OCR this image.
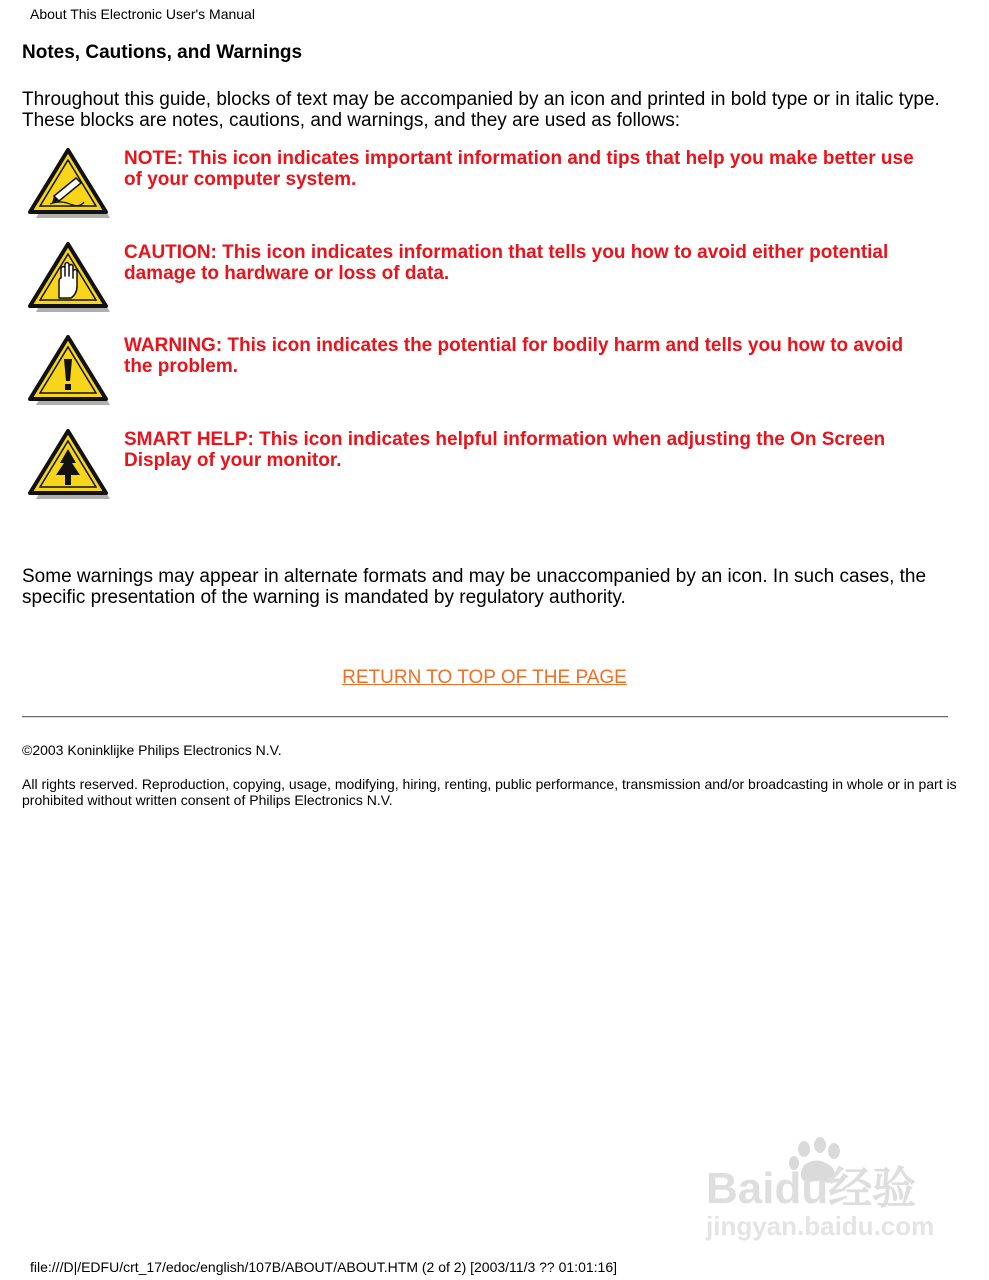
About This Electronic User's Manual
Notes, Cautions, and Warnings

Throughout this guide, blocks of text may be accompanied by an icon and printed in bold type or in italic type. These blocks are notes, cautions, and warnings, and they are used as follows:

NOTE: This icon indicates important information and tips that help you make better use of your computer system.
CAUTION: This icon indicates information that tells you how to avoid either potential damage to hardware or loss of data.
WARNING: This icon indicates the potential for bodily harm and tells you how to avoid the problem.
SMART HELP: This icon indicates helpful information when adjusting the On Screen Display of your monitor.

Some warnings may appear in alternate formats and may be unaccompanied by an icon. In such cases, the specific presentation of the warning is mandated by regulatory authority.

RETURN TO TOP OF THE PAGE
©2003 Koninklijke Philips Electronics N.V.
All rights reserved. Reproduction, copying, usage, modifying, hiring, renting, public performance, transmission and/or broadcasting in whole or in part is prohibited without written consent of Philips Electronics N.V.
Baidu经验
jingyan.baidu.com
file:///D|/EDFU/crt_17/edoc/english/107B/ABOUT/ABOUT.HTM (2 of 2) [2003/11/3 ?? 01:01:16]
